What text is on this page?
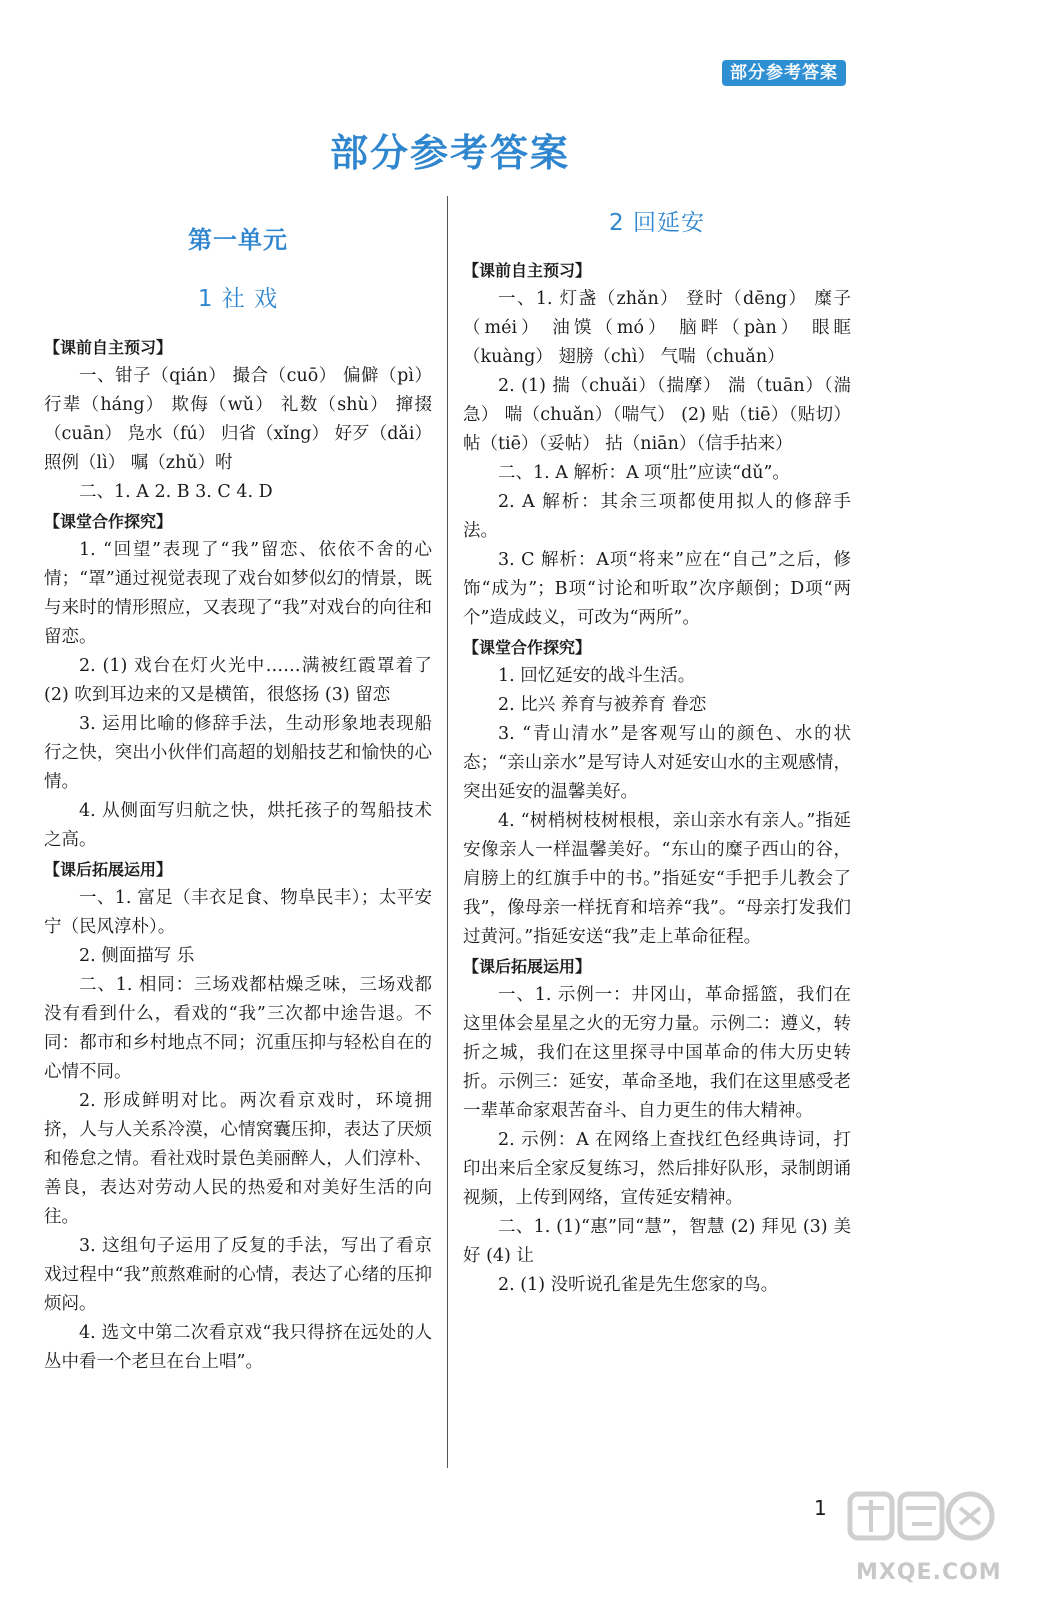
部分参考答案
部分参考答案
第一单元
1 社 戏
【课前自主预习】
一、钳子（qián） 撮合（cuō） 偏僻（pì） 行辈（háng） 欺侮（wǔ） 礼数（shù） 撺掇（cuān） 凫水（fú） 归省（xǐng） 好歹（dǎi） 照例（lì） 嘱（zhǔ）咐
二、1. A 2. B 3. C 4. D
【课堂合作探究】
1. “回望”表现了“我”留恋、依依不舍的心情；“罩”通过视觉表现了戏台如梦似幻的情景，既与来时的情形照应，又表现了“我”对戏台的向往和留恋。
2. (1) 戏台在灯火光中……满被红霞罩着了 (2) 吹到耳边来的又是横笛，很悠扬 (3) 留恋
3. 运用比喻的修辞手法，生动形象地表现船行之快，突出小伙伴们高超的划船技艺和愉快的心情。
4. 从侧面写归航之快，烘托孩子的驾船技术之高。
【课后拓展运用】
一、1. 富足（丰衣足食、物阜民丰）；太平安宁（民风淳朴）。
2. 侧面描写 乐
二、1. 相同：三场戏都枯燥乏味，三场戏都没有看到什么，看戏的“我”三次都中途告退。不同：都市和乡村地点不同；沉重压抑与轻松自在的心情不同。
2. 形成鲜明对比。两次看京戏时，环境拥挤，人与人关系冷漠，心情窝囊压抑，表达了厌烦和倦怠之情。看社戏时景色美丽醉人，人们淳朴、善良，表达对劳动人民的热爱和对美好生活的向往。
3. 这组句子运用了反复的手法，写出了看京戏过程中“我”煎熬难耐的心情，表达了心绪的压抑烦闷。
4. 选文中第二次看京戏“我只得挤在远处的人丛中看一个老旦在台上唱”。
2 回延安
【课前自主预习】
一、1. 灯盏（zhǎn） 登时（dēng） 糜子（méi） 油馍（mó） 脑畔（pàn） 眼眶（kuàng） 翅膀（chì） 气喘（chuǎn）
2. (1) 揣（chuǎi）（揣摩） 湍（tuān）（湍急） 喘（chuǎn）（喘气） (2) 贴（tiē）（贴切） 帖（tiē）（妥帖） 拈（niān）（信手拈来）
二、1. A 解析：A 项“肚”应读“dǔ”。
2. A 解析：其余三项都使用拟人的修辞手法。
3. C 解析：A项“将来”应在“自己”之后，修饰“成为”；B项“讨论和听取”次序颠倒；D项“两个”造成歧义，可改为“两所”。
【课堂合作探究】
1. 回忆延安的战斗生活。
2. 比兴 养育与被养育 眷恋
3. “青山清水”是客观写山的颜色、水的状态；“亲山亲水”是写诗人对延安山水的主观感情，突出延安的温馨美好。
4. “树梢树枝树根根，亲山亲水有亲人。”指延安像亲人一样温馨美好。“东山的糜子西山的谷，肩膀上的红旗手中的书。”指延安“手把手儿教会了我”，像母亲一样抚育和培养“我”。“母亲打发我们过黄河。”指延安送“我”走上革命征程。
【课后拓展运用】
一、1. 示例一：井冈山，革命摇篮，我们在这里体会星星之火的无穷力量。示例二：遵义，转折之城，我们在这里探寻中国革命的伟大历史转折。示例三：延安，革命圣地，我们在这里感受老一辈革命家艰苦奋斗、自力更生的伟大精神。
2. 示例：A 在网络上查找红色经典诗词，打印出来后全家反复练习，然后排好队形，录制朗诵视频，上传到网络，宣传延安精神。
二、1. (1)“惠”同“慧”，智慧 (2) 拜见 (3) 美好 (4) 让
2. (1) 没听说孔雀是先生您家的鸟。
1
MXQE.COM
